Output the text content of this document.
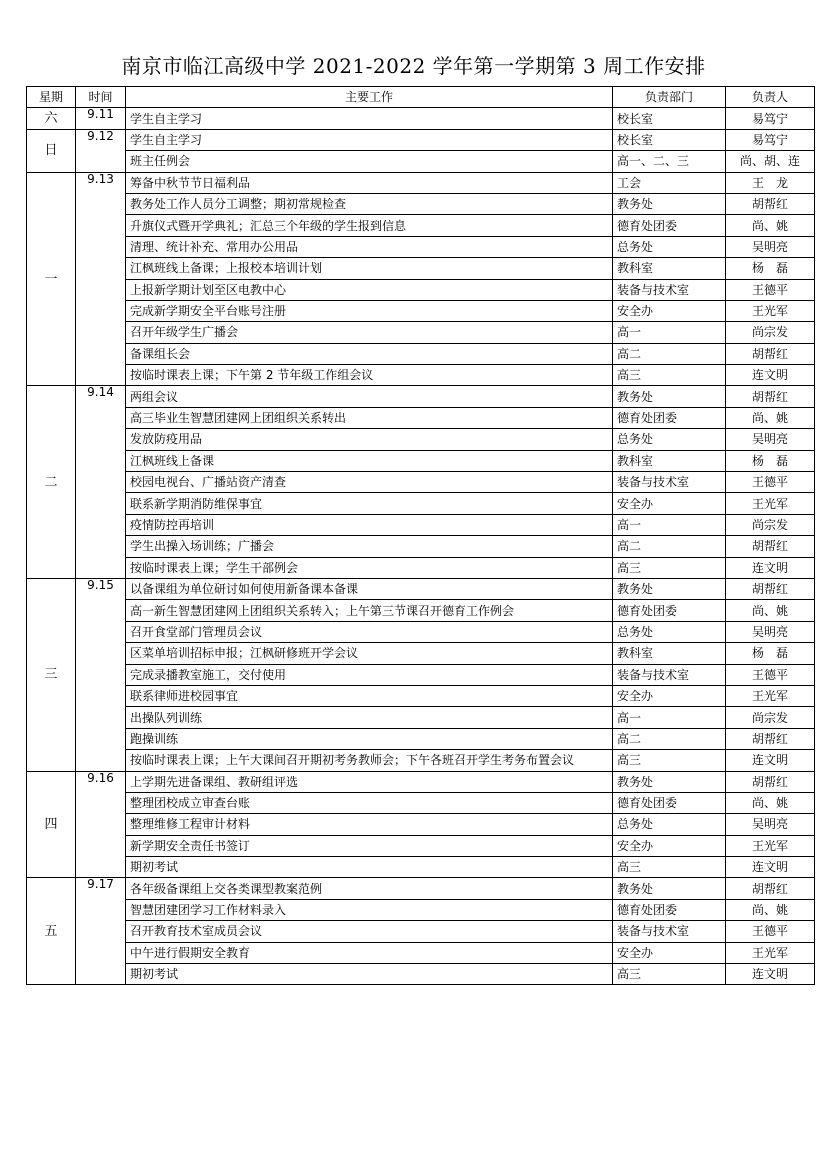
南京市临江高级中学 2021-2022 学年第一学期第 3 周工作安排
星期	时间	主要工作	负责部门	负责人
六	9.11	学生自主学习	校长室	易笃宁
日	9.12	学生自主学习	校长室	易笃宁
		班主任例会	高一、二、三	尚、胡、连
一	9.13	筹备中秋节节日福利品	工会	王　龙
		教务处工作人员分工调整；期初常规检查	教务处	胡帮红
		升旗仪式暨开学典礼；汇总三个年级的学生报到信息	德育处团委	尚、姚
		清理、统计补充、常用办公用品	总务处	吴明亮
		江枫班线上备课；上报校本培训计划	教科室	杨　磊
		上报新学期计划至区电教中心	装备与技术室	王德平
		完成新学期安全平台账号注册	安全办	王光军
		召开年级学生广播会	高一	尚宗发
		备课组长会	高二	胡帮红
		按临时课表上课；下午第 2 节年级工作组会议	高三	连文明
二	9.14	两组会议	教务处	胡帮红
		高三毕业生智慧团建网上团组织关系转出	德育处团委	尚、姚
		发放防疫用品	总务处	吴明亮
		江枫班线上备课	教科室	杨　磊
		校园电视台、广播站资产清查	装备与技术室	王德平
		联系新学期消防维保事宜	安全办	王光军
		疫情防控再培训	高一	尚宗发
		学生出操入场训练；广播会	高二	胡帮红
		按临时课表上课；学生干部例会	高三	连文明
三	9.15	以备课组为单位研讨如何使用新备课本备课	教务处	胡帮红
		高一新生智慧团建网上团组织关系转入；上午第三节课召开德育工作例会	德育处团委	尚、姚
		召开食堂部门管理员会议	总务处	吴明亮
		区菜单培训招标申报；江枫研修班开学会议	教科室	杨　磊
		完成录播教室施工，交付使用	装备与技术室	王德平
		联系律师进校园事宜	安全办	王光军
		出操队列训练	高一	尚宗发
		跑操训练	高二	胡帮红
		按临时课表上课；上午大课间召开期初考务教师会；下午各班召开学生考务布置会议	高三	连文明
四	9.16	上学期先进备课组、教研组评选	教务处	胡帮红
		整理团校成立审查台账	德育处团委	尚、姚
		整理维修工程审计材料	总务处	吴明亮
		新学期安全责任书签订	安全办	王光军
		期初考试	高三	连文明
五	9.17	各年级备课组上交各类课型教案范例	教务处	胡帮红
		智慧团建团学习工作材料录入	德育处团委	尚、姚
		召开教育技术室成员会议	装备与技术室	王德平
		中午进行假期安全教育	安全办	王光军
		期初考试	高三	连文明
